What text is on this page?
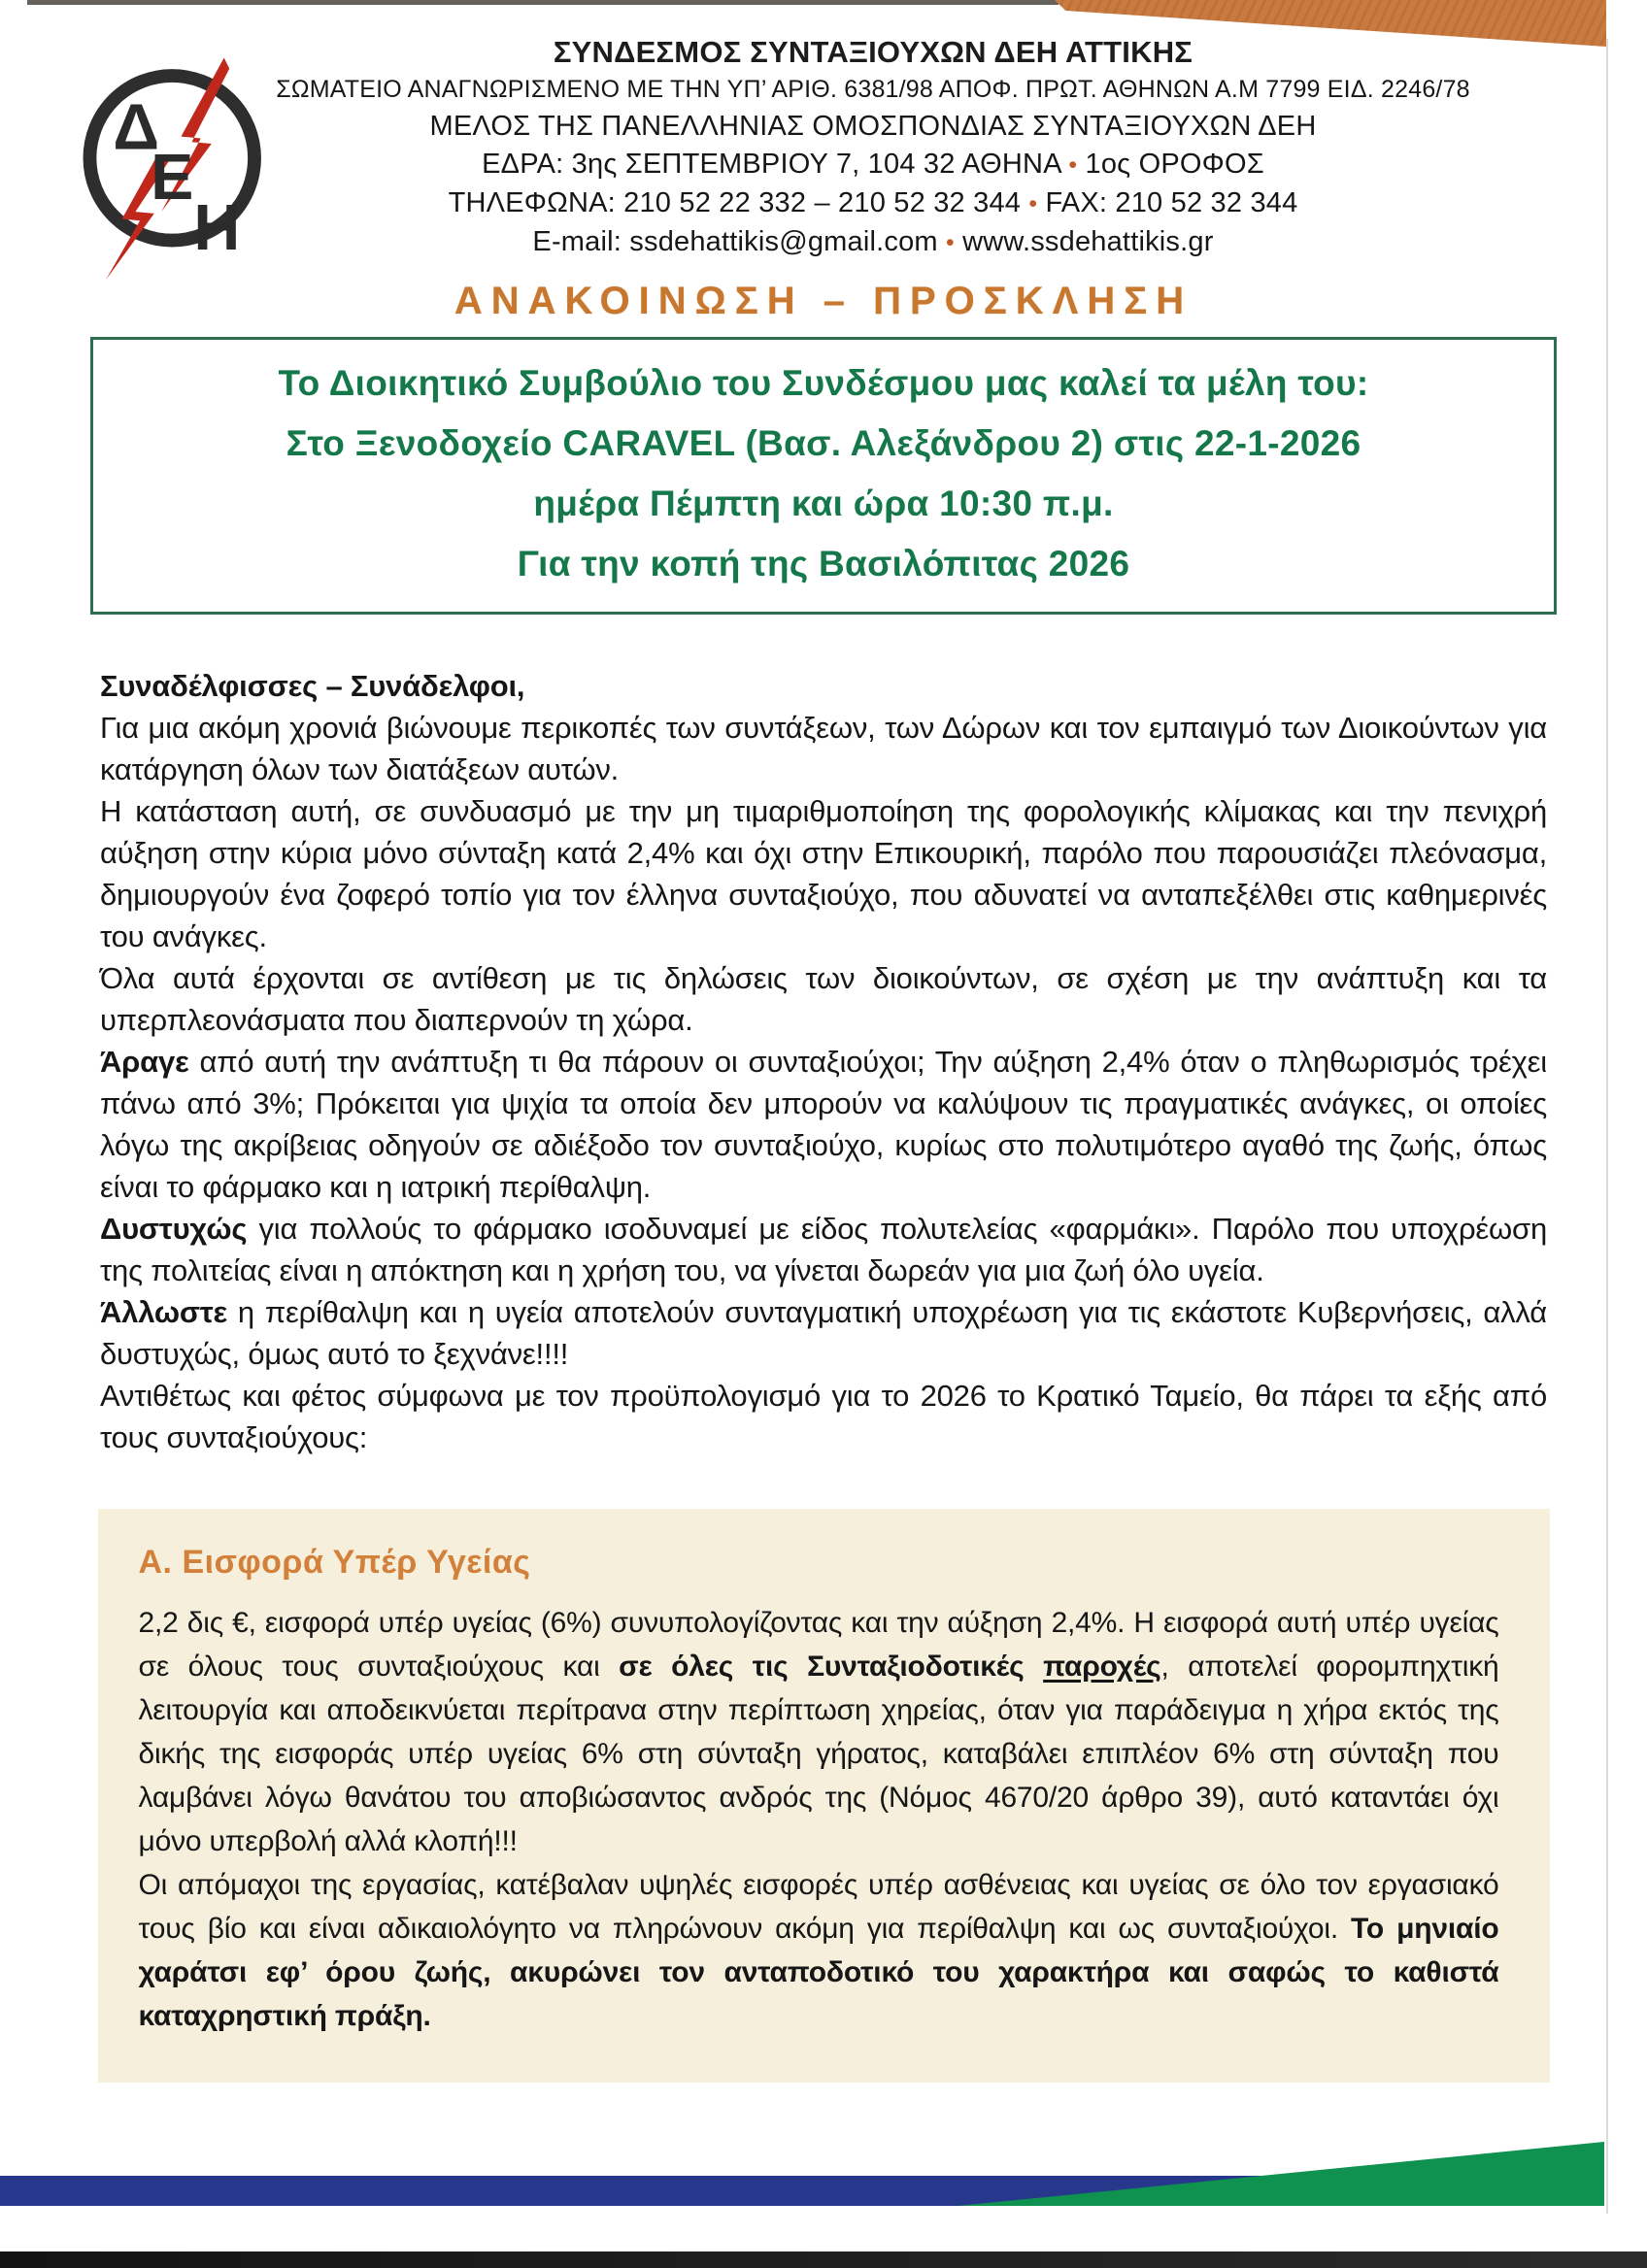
Δ
Ε
Η
ΣΥΝΔΕΣΜΟΣ ΣΥΝΤΑΞΙΟΥΧΩΝ ΔΕΗ ΑΤΤΙΚΗΣ
ΣΩΜΑΤΕΙΟ ΑΝΑΓΝΩΡΙΣΜΕΝΟ ΜΕ ΤΗΝ ΥΠ’ ΑΡΙΘ. 6381/98 ΑΠΟΦ. ΠΡΩΤ. ΑΘΗΝΩΝ Α.Μ 7799 ΕΙΔ. 2246/78
ΜΕΛΟΣ ΤΗΣ ΠΑΝΕΛΛΗΝΙΑΣ ΟΜΟΣΠΟΝΔΙΑΣ ΣΥΝΤΑΞΙΟΥΧΩΝ ΔΕΗ
ΕΔΡΑ: 3ης ΣΕΠΤΕΜΒΡΙΟΥ 7, 104 32 ΑΘΗΝΑ • 1ος ΟΡΟΦΟΣ
ΤΗΛΕΦΩΝΑ: 210 52 22 332 – 210 52 32 344 • FAX: 210 52 32 344
E-mail: ssdehattikis@gmail.com • www.ssdehattikis.gr
ΑΝΑΚΟΙΝΩΣΗ – ΠΡΟΣΚΛΗΣΗ
Το Διοικητικό Συμβούλιο του Συνδέσμου μας καλεί τα μέλη του:
Στο Ξενοδοχείο CARAVEL (Βασ. Αλεξάνδρου 2) στις 22-1-2026
ημέρα Πέμπτη και ώρα 10:30 π.μ.
Για την κοπή της Βασιλόπιτας 2026

Συναδέλφισσες – Συνάδελφοι,

Για μια ακόμη χρονιά βιώνουμε περικοπές των συντάξεων, των Δώρων και τον εμπαιγμό των Διοικούντων για κατάργηση όλων των διατάξεων αυτών.

Η κατάσταση αυτή, σε συνδυασμό με την μη τιμαριθμοποίηση της φορολογικής κλίμακας και την πενιχρή αύξηση στην κύρια μόνο σύνταξη κατά 2,4% και όχι στην Επικουρική, παρόλο που παρουσιάζει πλεόνασμα, δημιουργούν ένα ζοφερό τοπίο για τον έλληνα συνταξιούχο, που αδυνατεί να ανταπεξέλθει στις καθημερινές του ανάγκες.

Όλα αυτά έρχονται σε αντίθεση με τις δηλώσεις των διοικούντων, σε σχέση με την ανάπτυξη και τα υπερπλεονάσματα που διαπερνούν τη χώρα.

Άραγε από αυτή την ανάπτυξη τι θα πάρουν οι συνταξιούχοι; Την αύξηση 2,4% όταν ο πληθωρισμός τρέχει πάνω από 3%; Πρόκειται για ψιχία τα οποία δεν μπορούν να καλύψουν τις πραγματικές ανάγκες, οι οποίες λόγω της ακρίβειας οδηγούν σε αδιέξοδο τον συνταξιούχο, κυρίως στο πολυτιμότερο αγαθό της ζωής, όπως είναι το φάρμακο και η ιατρική περίθαλψη.

Δυστυχώς για πολλούς το φάρμακο ισοδυναμεί με είδος πολυτελείας «φαρμάκι». Παρόλο που υποχρέωση της πολιτείας είναι η απόκτηση και η χρήση του, να γίνεται δωρεάν για μια ζωή όλο υγεία.

Άλλωστε η περίθαλψη και η υγεία αποτελούν συνταγματική υποχρέωση για τις εκάστοτε Κυβερνήσεις, αλλά δυστυχώς, όμως αυτό το ξεχνάνε!!!!

Αντιθέτως και φέτος σύμφωνα με τον προϋπολογισμό για το 2026 το Κρατικό Ταμείο, θα πάρει τα εξής από τους συνταξιούχους:

Α. Εισφορά Υπέρ Υγείας

2,2 δις €, εισφορά υπέρ υγείας (6%) συνυπολογίζοντας και την αύξηση 2,4%. Η εισφορά αυτή υπέρ υγείας σε όλους τους συνταξιούχους και σε όλες τις Συνταξιοδοτικές παροχές, αποτελεί φορομπηχτική λειτουργία και αποδεικνύεται περίτρανα στην περίπτωση χηρείας, όταν για παράδειγμα η χήρα εκτός της δικής της εισφοράς υπέρ υγείας 6% στη σύνταξη γήρατος, καταβάλει επιπλέον 6% στη σύνταξη που λαμβάνει λόγω θανάτου του αποβιώσαντος ανδρός της (Νόμος 4670/20 άρθρο 39), αυτό καταντάει όχι μόνο υπερβολή αλλά κλοπή!!!

Οι απόμαχοι της εργασίας, κατέβαλαν υψηλές εισφορές υπέρ ασθένειας και υγείας σε όλο τον εργασιακό τους βίο και είναι αδικαιολόγητο να πληρώνουν ακόμη για περίθαλψη και ως συνταξιούχοι. Το μηνιαίο χαράτσι εφ’ όρου ζωής, ακυρώνει τον ανταποδοτικό του χαρακτήρα και σαφώς το καθιστά καταχρηστική πράξη.
